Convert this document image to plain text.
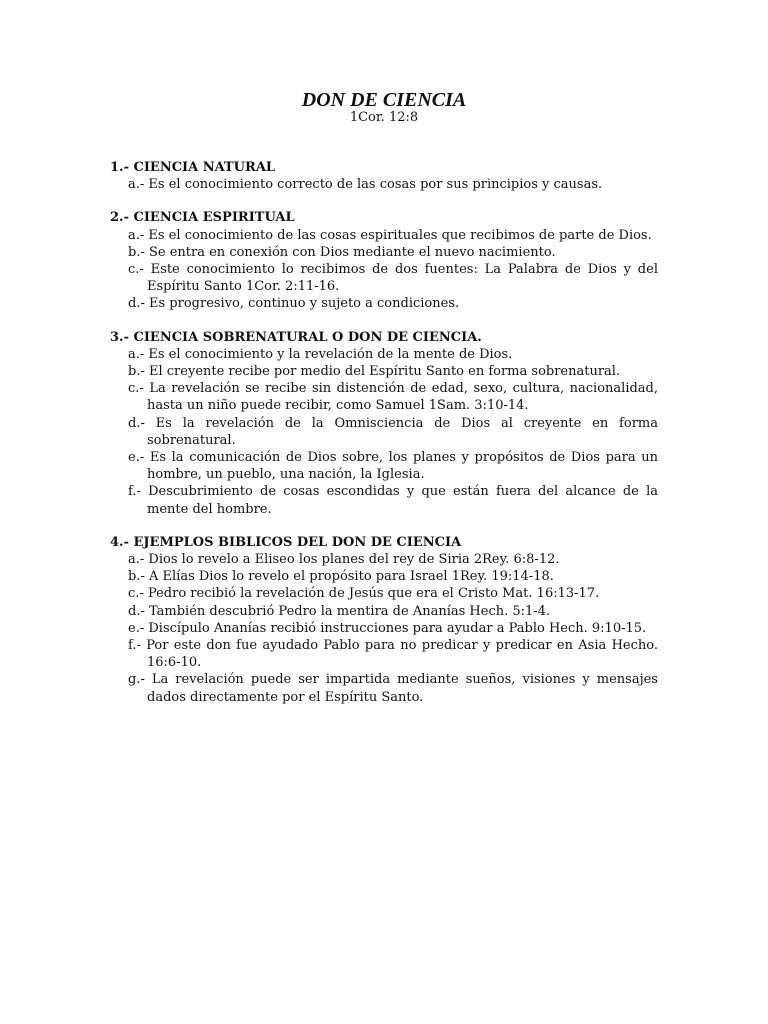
DON DE CIENCIA
1Cor. 12:8
1.- CIENCIA NATURAL
a.- Es el conocimiento correcto de las cosas por sus principios y causas.
2.- CIENCIA ESPIRITUAL
a.- Es el conocimiento de las cosas espirituales que recibimos de parte de Dios.
b.- Se entra en conexión con Dios mediante el nuevo nacimiento.
c.- Este conocimiento lo recibimos de dos fuentes: La Palabra de Dios y del Espíritu Santo 1Cor. 2:11-16.
d.- Es progresivo, continuo y sujeto a condiciones.
3.- CIENCIA SOBRENATURAL O DON DE CIENCIA.
a.- Es el conocimiento y la revelación de la mente de Dios.
b.- El creyente recibe por medio del Espíritu Santo en forma sobrenatural.
c.- La revelación se recibe sin distención de edad, sexo, cultura, nacionalidad, hasta un niño puede recibir, como Samuel 1Sam. 3:10-14.
d.- Es la revelación de la Omnisciencia de Dios al creyente en forma sobrenatural.
e.- Es la comunicación de Dios sobre, los planes y propósitos de Dios para un hombre, un pueblo, una nación, la Iglesia.
f.- Descubrimiento de cosas escondidas y que están fuera del alcance de la mente del hombre.
4.- EJEMPLOS BIBLICOS DEL DON DE CIENCIA
a.- Dios lo revelo a Eliseo los planes del rey de Siria 2Rey. 6:8-12.
b.- A Elías Dios lo revelo el propósito para Israel 1Rey. 19:14-18.
c.- Pedro recibió la revelación de Jesús que era el Cristo Mat. 16:13-17.
d.- También descubrió Pedro la mentira de Ananías Hech. 5:1-4.
e.- Discípulo Ananías recibió instrucciones para ayudar a Pablo Hech. 9:10-15.
f.- Por este don fue ayudado Pablo para no predicar y predicar en Asia Hecho. 16:6-10.
g.- La revelación puede ser impartida mediante sueños, visiones y mensajes dados directamente por el Espíritu Santo.
